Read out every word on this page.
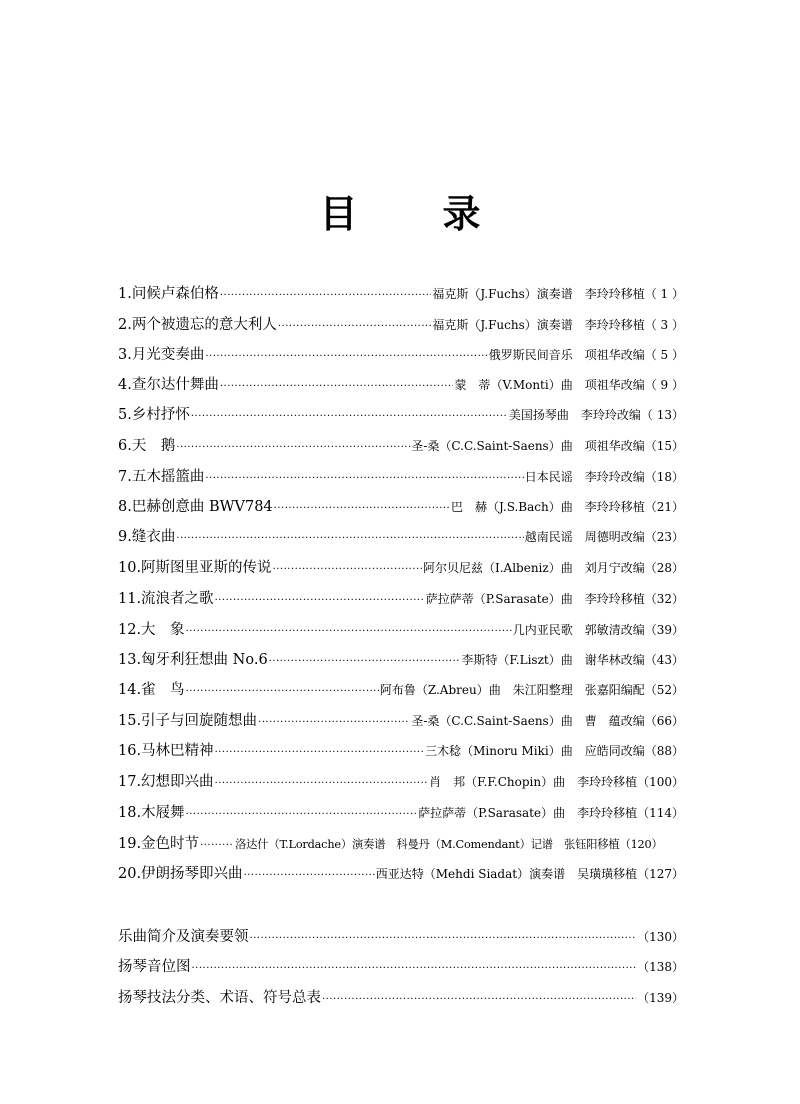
目 录
1.问候卢森伯格 ·····	福克斯（J.Fuchs）演奏谱　李玲玲移植（ 1 ）
2.两个被遗忘的意大利人 ·····	福克斯（J.Fuchs）演奏谱　李玲玲移植（ 3 ）
3.月光变奏曲 ·····	俄罗斯民间音乐　项祖华改编（ 5 ）
4.查尔达什舞曲 ·····	蒙　蒂（V.Monti）曲　项祖华改编（ 9 ）
5.乡村抒怀 ·····	美国扬琴曲　李玲玲改编（ 13）
6.天　鹅 ·····	圣-桑（C.C.Saint-Saens）曲　项祖华改编（15）
7.五木摇篮曲 ·····	日本民谣　李玲玲改编（18）
8.巴赫创意曲 BWV784 ·····	巴　赫（J.S.Bach）曲　李玲玲移植（21）
9.缝衣曲 ·····	越南民谣　周德明改编（23）
10.阿斯图里亚斯的传说 ·····	阿尔贝尼兹（I.Albeniz）曲　刘月宁改编（28）
11.流浪者之歌 ·····	萨拉萨蒂（P.Sarasate）曲　李玲玲移植（32）
12.大　象 ·····	几内亚民歌　郭敏清改编（39）
13.匈牙利狂想曲 No.6 ·····	李斯特（F.Liszt）曲　谢华林改编（43）
14.雀　鸟 ·····	阿布鲁（Z.Abreu）曲　朱江阳整理　张嘉阳编配（52）
15.引子与回旋随想曲 ·····	圣-桑（C.C.Saint-Saens）曲　曹　蕴改编（66）
16.马林巴精神 ·····	三木稔（Minoru Miki）曲　应皓同改编（88）
17.幻想即兴曲 ·····	肖　邦（F.F.Chopin）曲　李玲玲移植（100）
18.木屐舞 ·····	萨拉萨蒂（P.Sarasate）曲　李玲玲移植（114）
19.金色时节 ·····	洛达什（T.Lordache）演奏谱　科曼丹（M.Comendant）记谱　张钰阳移植（120）
20.伊朗扬琴即兴曲 ·····	西亚达特（Mehdi Siadat）演奏谱　吴璜璜移植（127）
乐曲简介及演奏要领 ·····	（130）
扬琴音位图 ·····	（138）
扬琴技法分类、术语、符号总表 ·····	（139）
